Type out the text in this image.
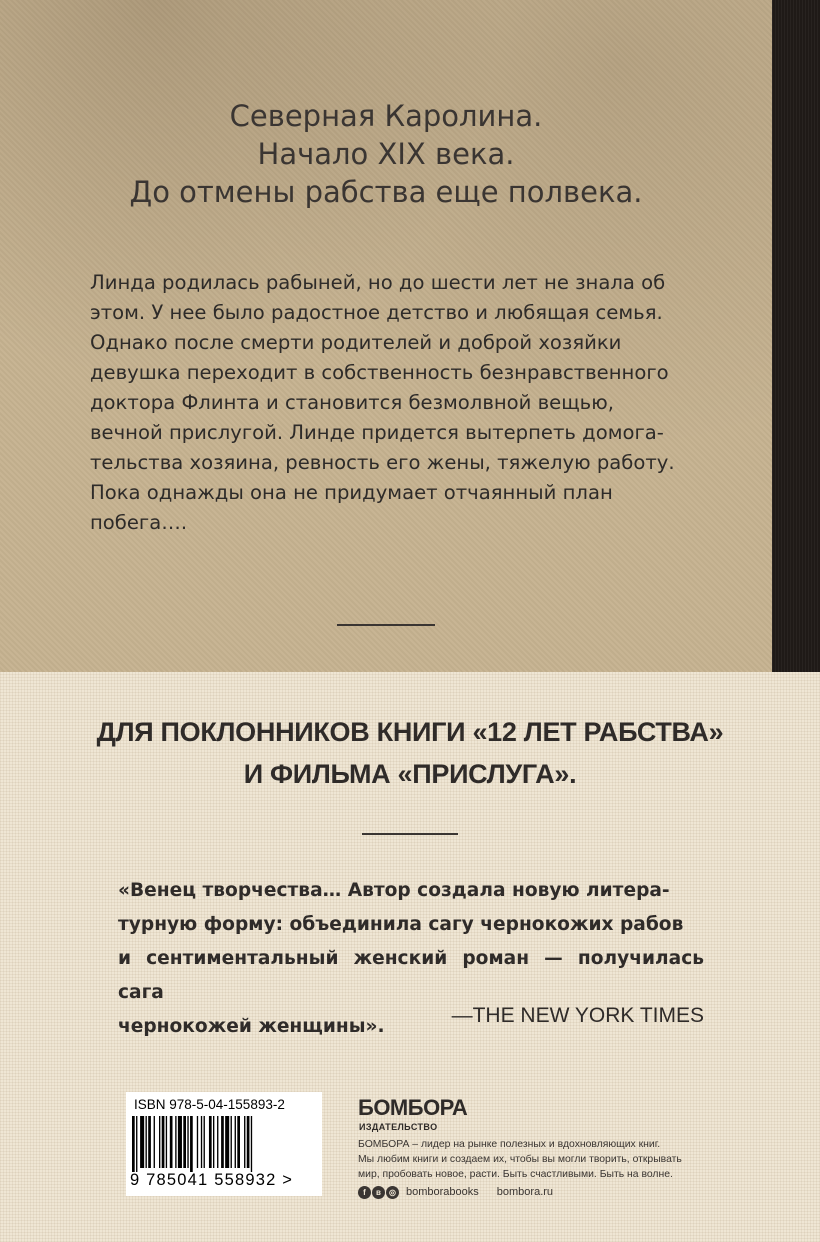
Северная Каролина.
Начало XIX века.
До отмены рабства еще полвека.
Линда родилась рабыней, но до шести лет не знала об
этом. У нее было радостное детство и любящая семья.
Однако после смерти родителей и доброй хозяйки
девушка переходит в собственность безнравственного
доктора Флинта и становится безмолвной вещью,
вечной прислугой. Линде придется вытерпеть домога-
тельства хозяина, ревность его жены, тяжелую работу.
Пока однажды она не придумает отчаянный план
побега….
ДЛЯ ПОКЛОННИКОВ КНИГИ «12 ЛЕТ РАБСТВА»
И ФИЛЬМА «ПРИСЛУГА».
«Венец творчества… Автор создала новую литера-
турную форму: объединила сагу чернокожих рабов
и сентиментальный женский роман — получилась сага
чернокожей женщины».	—THE NEW YORK TIMES
ISBN 978-5-04-155893-2
9 785041 558932 >
БОМБОРА
ИЗДАТЕЛЬСТВО
БОМБОРА – лидер на рынке полезных и вдохновляющих книг.
Мы любим книги и создаем их, чтобы вы могли творить, открывать
мир, пробовать новое, расти. Быть счастливыми. Быть на волне.
f	в	◎ bomborabooks bombora.ru
